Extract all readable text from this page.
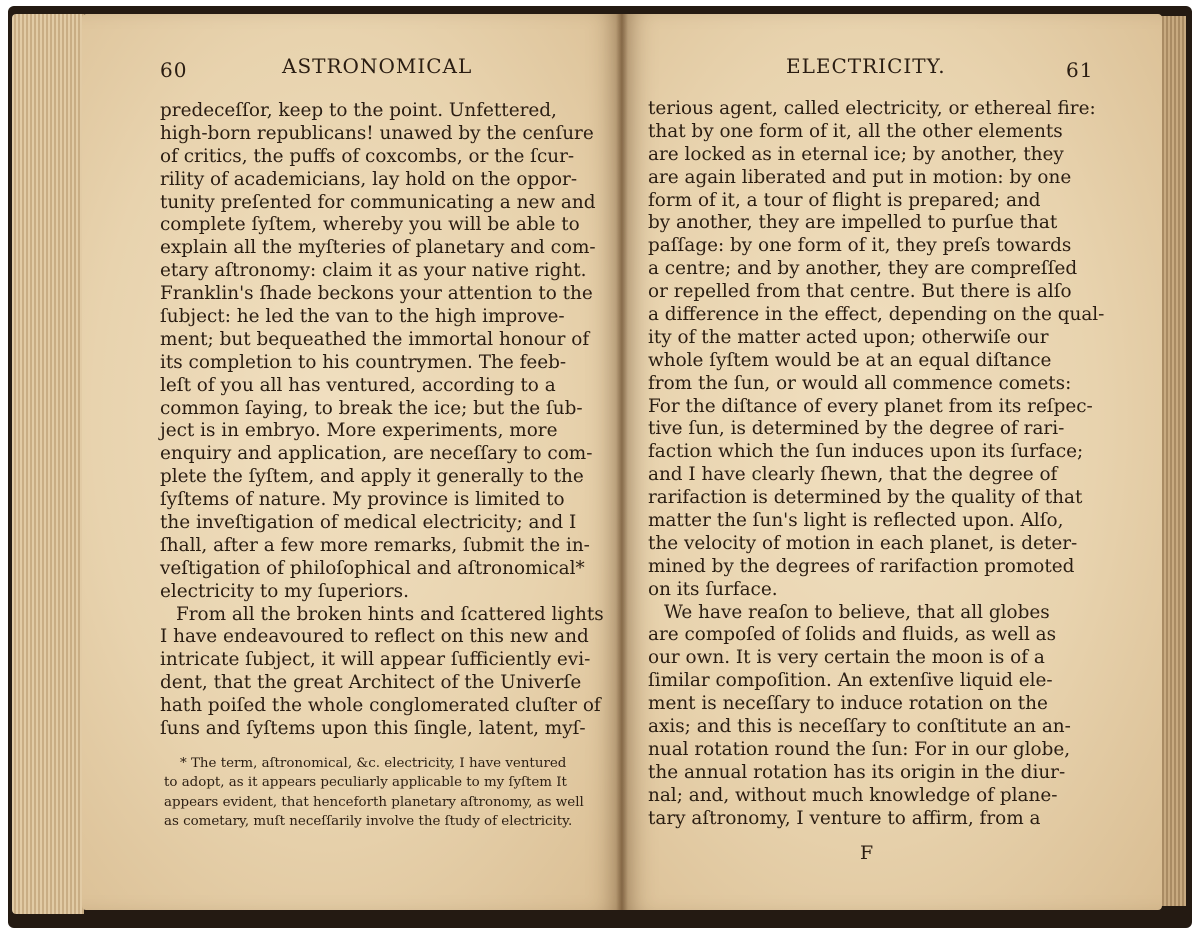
60	ASTRONOMICAL
predeceſſor, keep to the point. Unfettered,
high-born republicans! unawed by the cenſure
of critics, the puffs of coxcombs, or the ſcur-
rility of academicians, lay hold on the oppor-
tunity preſented for communicating a new and
complete ſyſtem, whereby you will be able to
explain all the myſteries of planetary and com-
etary aſtronomy: claim it as your native right.
Franklin's ſhade beckons your attention to the
ſubject: he led the van to the high improve-
ment; but bequeathed the immortal honour of
its completion to his countrymen. The feeb-
leſt of you all has ventured, according to a
common ſaying, to break the ice; but the ſub-
ject is in embryo. More experiments, more
enquiry and application, are neceſſary to com-
plete the ſyſtem, and apply it generally to the
ſyſtems of nature. My province is limited to
the inveſtigation of medical electricity; and I
ſhall, after a few more remarks, ſubmit the in-
veſtigation of philoſophical and aſtronomical*
electricity to my ſuperiors.
From all the broken hints and ſcattered lights
I have endeavoured to reflect on this new and
intricate ſubject, it will appear ſufficiently evi-
dent, that the great Architect of the Univerſe
hath poiſed the whole conglomerated cluſter of
ſuns and ſyſtems upon this ſingle, latent, myſ-
* The term, aſtronomical, &c. electricity, I have ventured
to adopt, as it appears peculiarly applicable to my ſyſtem It
appears evident, that henceforth planetary aſtronomy, as well
as cometary, muſt neceſſarily involve the ſtudy of electricity.
ELECTRICITY.	61
terious agent, called electricity, or ethereal fire:
that by one form of it, all the other elements
are locked as in eternal ice; by another, they
are again liberated and put in motion: by one
form of it, a tour of flight is prepared; and
by another, they are impelled to purſue that
paſſage: by one form of it, they preſs towards
a centre; and by another, they are compreſſed
or repelled from that centre. But there is alſo
a difference in the effect, depending on the qual-
ity of the matter acted upon; otherwiſe our
whole ſyſtem would be at an equal diſtance
from the ſun, or would all commence comets:
For the diſtance of every planet from its reſpec-
tive ſun, is determined by the degree of rari-
faction which the ſun induces upon its ſurface;
and I have clearly ſhewn, that the degree of
rarifaction is determined by the quality of that
matter the ſun's light is reflected upon. Alſo,
the velocity of motion in each planet, is deter-
mined by the degrees of rarifaction promoted
on its ſurface.
We have reaſon to believe, that all globes
are compoſed of ſolids and fluids, as well as
our own. It is very certain the moon is of a
ſimilar compoſition. An extenſive liquid ele-
ment is neceſſary to induce rotation on the
axis; and this is neceſſary to conſtitute an an-
nual rotation round the ſun: For in our globe,
the annual rotation has its origin in the diur-
nal; and, without much knowledge of plane-
tary aſtronomy, I venture to affirm, from a
F
